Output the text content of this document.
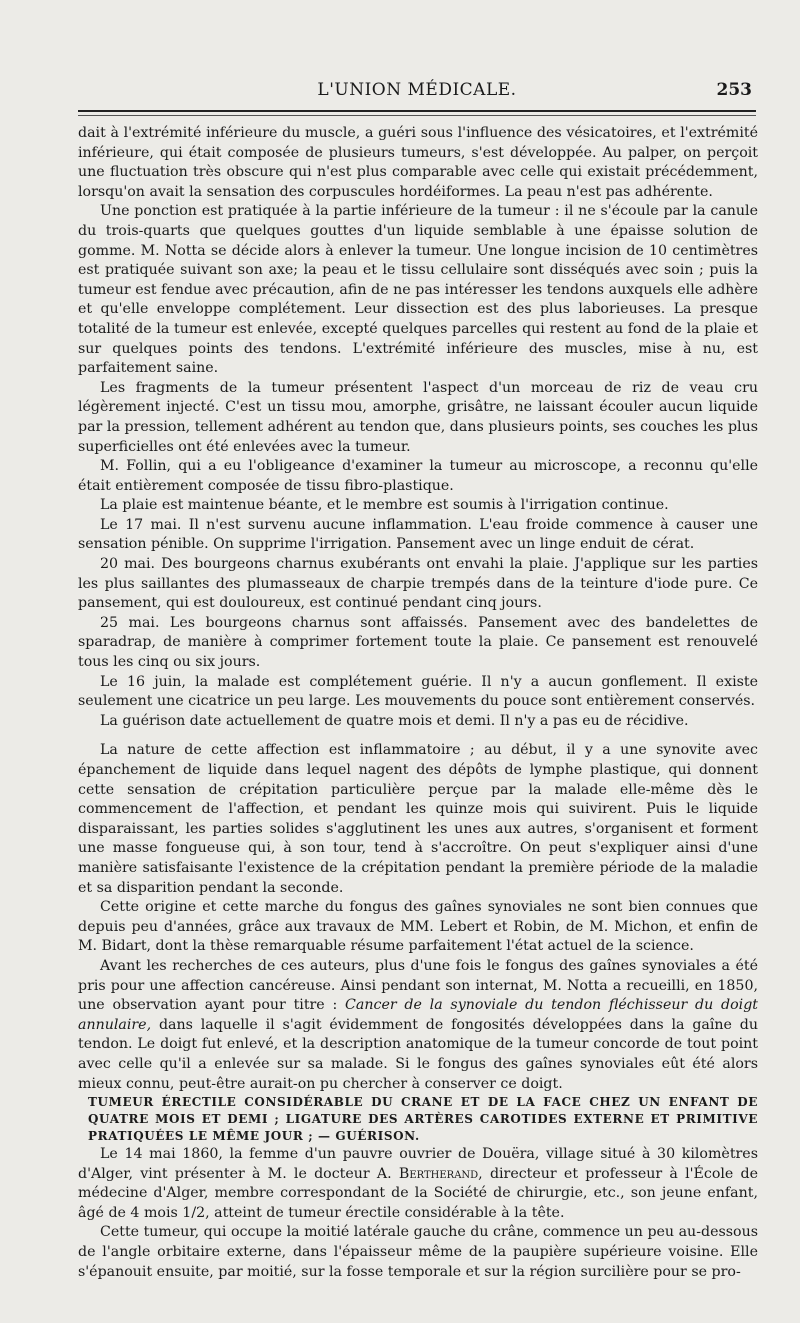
L'UNION MÉDICALE.	253

dait à l'extrémité inférieure du muscle, a guéri sous l'influence des vésicatoires, et l'extrémité inférieure, qui était composée de plusieurs tumeurs, s'est développée. Au palper, on perçoit une fluctuation très obscure qui n'est plus comparable avec celle qui existait précédemment, lorsqu'on avait la sensation des corpuscules hordéiformes. La peau n'est pas adhérente.

Une ponction est pratiquée à la partie inférieure de la tumeur : il ne s'écoule par la canule du trois-quarts que quelques gouttes d'un liquide semblable à une épaisse solution de gomme. M. Notta se décide alors à enlever la tumeur. Une longue incision de 10 centimètres est pratiquée suivant son axe; la peau et le tissu cellulaire sont disséqués avec soin ; puis la tumeur est fendue avec précaution, afin de ne pas intéresser les tendons auxquels elle adhère et qu'elle enveloppe complétement. Leur dissection est des plus laborieuses. La presque totalité de la tumeur est enlevée, excepté quelques parcelles qui restent au fond de la plaie et sur quelques points des tendons. L'extrémité inférieure des muscles, mise à nu, est parfaitement saine.

Les fragments de la tumeur présentent l'aspect d'un morceau de riz de veau cru légèrement injecté. C'est un tissu mou, amorphe, grisâtre, ne laissant écouler aucun liquide par la pression, tellement adhérent au tendon que, dans plusieurs points, ses couches les plus superficielles ont été enlevées avec la tumeur.

M. Follin, qui a eu l'obligeance d'examiner la tumeur au microscope, a reconnu qu'elle était entièrement composée de tissu fibro-plastique.

La plaie est maintenue béante, et le membre est soumis à l'irrigation continue.

Le 17 mai. Il n'est survenu aucune inflammation. L'eau froide commence à causer une sensation pénible. On supprime l'irrigation. Pansement avec un linge enduit de cérat.

20 mai. Des bourgeons charnus exubérants ont envahi la plaie. J'applique sur les parties les plus saillantes des plumasseaux de charpie trempés dans de la teinture d'iode pure. Ce pansement, qui est douloureux, est continué pendant cinq jours.

25 mai. Les bourgeons charnus sont affaissés. Pansement avec des bandelettes de sparadrap, de manière à comprimer fortement toute la plaie. Ce pansement est renouvelé tous les cinq ou six jours.

Le 16 juin, la malade est complétement guérie. Il n'y a aucun gonflement. Il existe seulement une cicatrice un peu large. Les mouvements du pouce sont entièrement conservés.

La guérison date actuellement de quatre mois et demi. Il n'y a pas eu de récidive.

La nature de cette affection est inflammatoire ; au début, il y a une synovite avec épanchement de liquide dans lequel nagent des dépôts de lymphe plastique, qui donnent cette sensation de crépitation particulière perçue par la malade elle-même dès le commencement de l'affection, et pendant les quinze mois qui suivirent. Puis le liquide disparaissant, les parties solides s'agglutinent les unes aux autres, s'organisent et forment une masse fongueuse qui, à son tour, tend à s'accroître. On peut s'expliquer ainsi d'une manière satisfaisante l'existence de la crépitation pendant la première période de la maladie et sa disparition pendant la seconde.

Cette origine et cette marche du fongus des gaînes synoviales ne sont bien connues que depuis peu d'années, grâce aux travaux de MM. Lebert et Robin, de M. Michon, et enfin de M. Bidart, dont la thèse remarquable résume parfaitement l'état actuel de la science.

Avant les recherches de ces auteurs, plus d'une fois le fongus des gaînes synoviales a été pris pour une affection cancéreuse. Ainsi pendant son internat, M. Notta a recueilli, en 1850, une observation ayant pour titre : Cancer de la synoviale du tendon fléchisseur du doigt annulaire, dans laquelle il s'agit évidemment de fongosités développées dans la gaîne du tendon. Le doigt fut enlevé, et la description anatomique de la tumeur concorde de tout point avec celle qu'il a enlevée sur sa malade. Si le fongus des gaînes synoviales eût été alors mieux connu, peut-être aurait-on pu chercher à conserver ce doigt.

TUMEUR ÉRECTILE CONSIDÉRABLE DU CRANE ET DE LA FACE CHEZ UN ENFANT DE QUATRE MOIS ET DEMI ; LIGATURE DES ARTÈRES CAROTIDES EXTERNE ET PRIMITIVE PRATIQUÉES LE MÊME JOUR ; — GUÉRISON.

Le 14 mai 1860, la femme d'un pauvre ouvrier de Douëra, village situé à 30 kilomètres d'Alger, vint présenter à M. le docteur A. Bertherand, directeur et professeur à l'École de médecine d'Alger, membre correspondant de la Société de chirurgie, etc., son jeune enfant, âgé de 4 mois 1/2, atteint de tumeur érectile considérable à la tête.

Cette tumeur, qui occupe la moitié latérale gauche du crâne, commence un peu au-dessous de l'angle orbitaire externe, dans l'épaisseur même de la paupière supérieure voisine. Elle s'épanouit ensuite, par moitié, sur la fosse temporale et sur la région surcilière pour se pro-
